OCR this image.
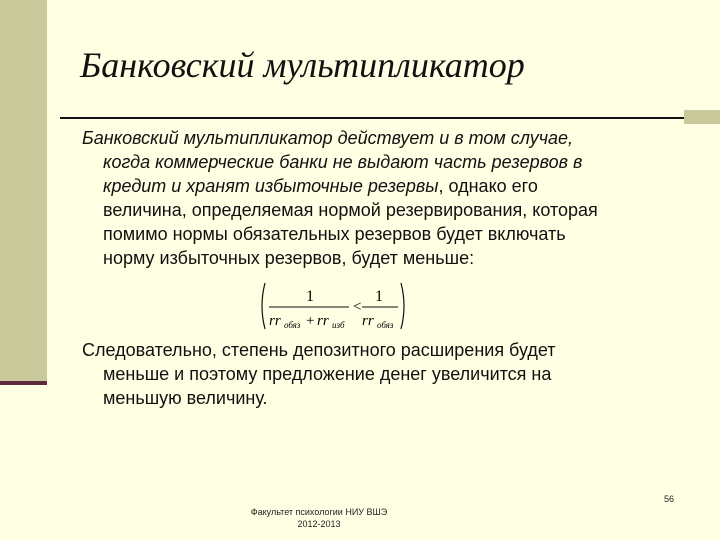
Банковский мультипликатор
Банковский мультипликатор действует и в том случае,
когда коммерческие банки не выдают часть резервов в
кредит и хранят избыточные резервы, однако его
величина, определяемая нормой резервирования, которая
помимо нормы обязательных резервов будет включать
норму избыточных резервов, будет меньше:
1
rr обяз + rr изб
<
1
rr обяз
Следовательно, степень депозитного расширения будет
меньше и поэтому предложение денег увеличится на
меньшую величину.
Факультет психологии НИУ ВШЭ
2012-2013
56
